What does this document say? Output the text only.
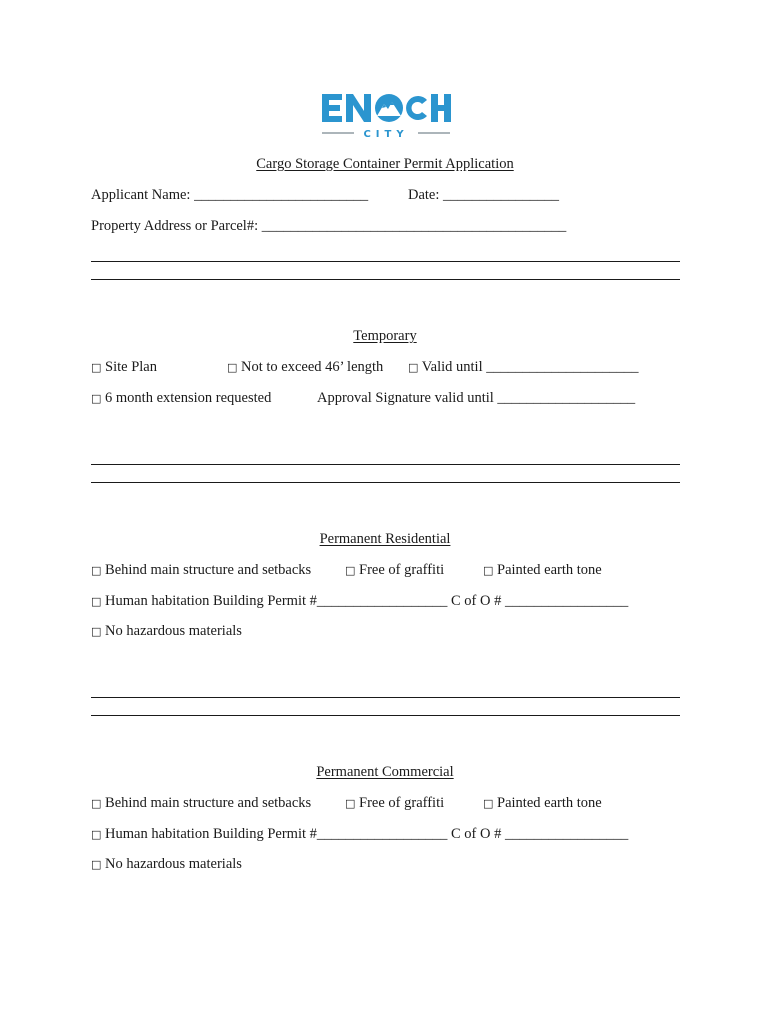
CITY
Cargo Storage Container Permit Application
Applicant Name: ________________________	Date: ________________
Property Address or Parcel#: __________________________________________
Temporary
□ Site Plan	□ Not to exceed 46’ length □ Valid until _____________________
□ 6 month extension requested	Approval Signature valid until ___________________
Permanent Residential
□ Behind main structure and setbacks	□ Free of graffiti	□ Painted earth tone
□ Human habitation Building Permit #__________________ C of O # _________________
□ No hazardous materials
Permanent Commercial
□ Behind main structure and setbacks	□ Free of graffiti	□ Painted earth tone
□ Human habitation Building Permit #__________________ C of O # _________________
□ No hazardous materials
